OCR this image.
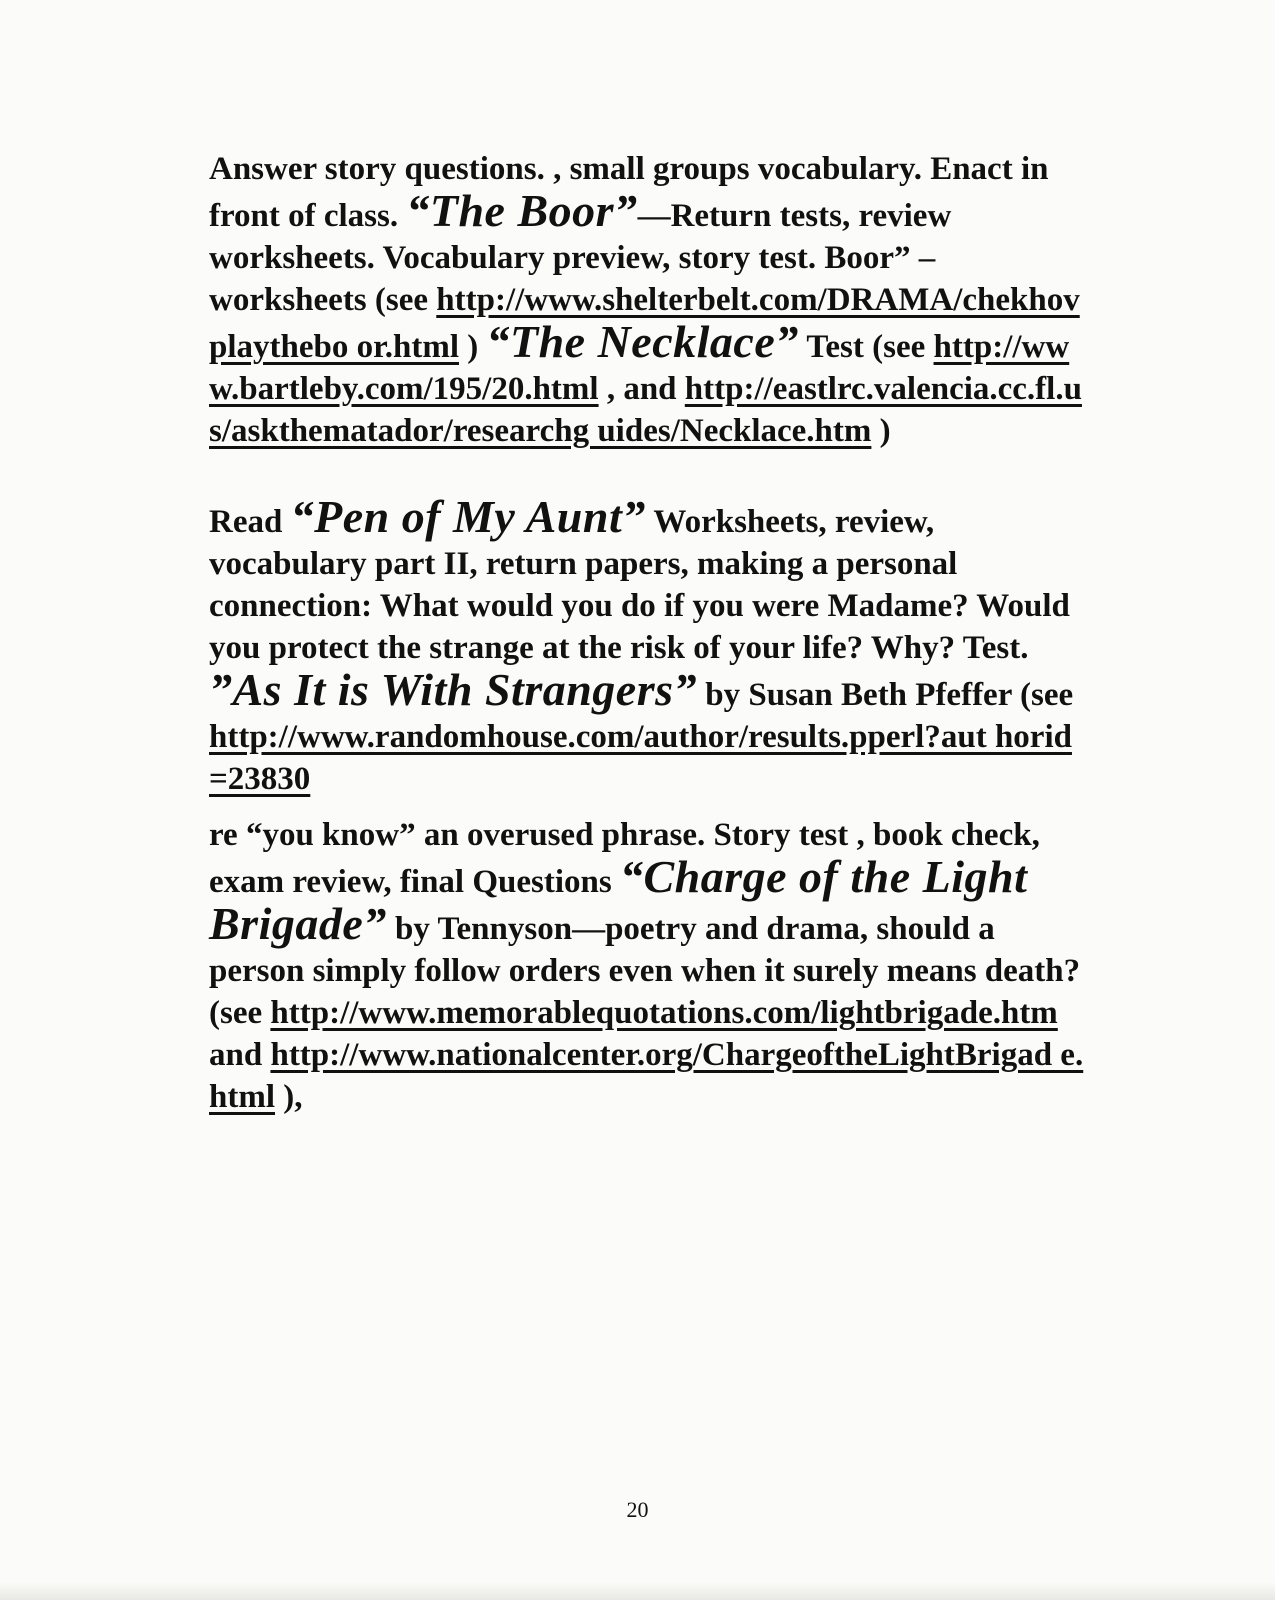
Answer story questions. , small groups vocabulary. Enact in front of class. “The Boor”—Return tests, review worksheets. Vocabulary preview, story test. Boor” –worksheets (see http://www.shelterbelt.com/DRAMA/chekhovplaythebo or.html ) “The Necklace” Test (see http://www.bartleby.com/195/20.html , and http://eastlrc.valencia.cc.fl.us/askthematador/researchg uides/Necklace.htm )

Read “Pen of My Aunt” Worksheets, review, vocabulary part II, return papers, making a personal connection: What would you do if you were Madame? Would you protect the strange at the risk of your life? Why? Test. ”As It is With Strangers” by Susan Beth Pfeffer (see http://www.randomhouse.com/author/results.pperl?aut horid=23830

re “you know” an overused phrase. Story test , book check, exam review, final Questions “Charge of the Light Brigade” by Tennyson—poetry and drama, should a person simply follow orders even when it surely means death? (see http://www.memorablequotations.com/lightbrigade.htm and http://www.nationalcenter.org/ChargeoftheLightBrigad e.html ),

20
